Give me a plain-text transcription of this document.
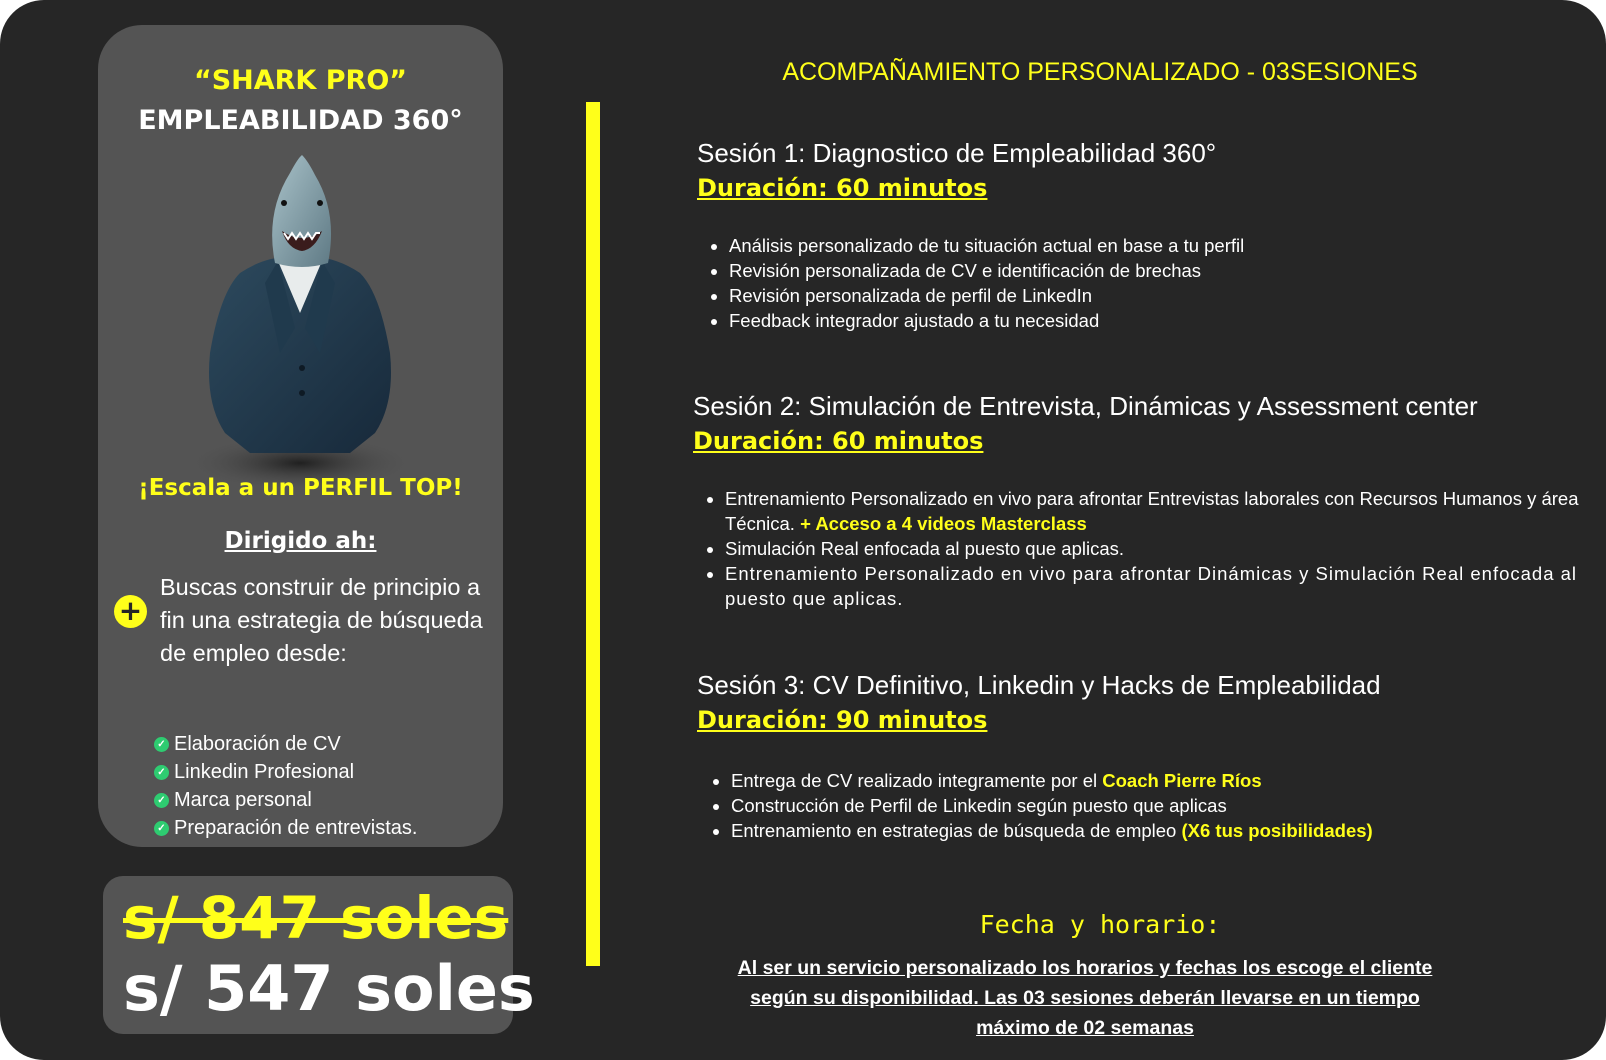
“SHARK PRO”
EMPLEABILIDAD 360°
¡Escala a un PERFIL TOP!
Dirigido ah:
+
Buscas construir de principio a fin una estrategia de búsqueda de empleo desde:
✓ Elaboración de CV
✓ Linkedin Profesional
✓ Marca personal
✓ Preparación de entrevistas.
s/ 847 soles
s/ 547 soles
ACOMPAÑAMIENTO PERSONALIZADO - 03SESIONES
Sesión 1: Diagnostico de Empleabilidad 360°
Duración: 60 minutos
• Análisis personalizado de tu situación actual en base a tu perfil
• Revisión personalizada de CV e identificación de brechas
• Revisión personalizada de perfil de LinkedIn
• Feedback integrador ajustado a tu necesidad
Sesión 2: Simulación de Entrevista, Dinámicas y Assessment center
Duración: 60 minutos
• Entrenamiento Personalizado en vivo para afrontar Entrevistas laborales con Recursos Humanos y área Técnica. + Acceso a 4 videos Masterclass
• Simulación Real enfocada al puesto que aplicas.
• Entrenamiento Personalizado en vivo para afrontar Dinámicas y Simulación Real enfocada al puesto que aplicas.
Sesión 3: CV Definitivo, Linkedin y Hacks de Empleabilidad
Duración: 90 minutos
• Entrega de CV realizado integramente por el Coach Pierre Ríos
• Construcción de Perfil de Linkedin según puesto que aplicas
• Entrenamiento en estrategias de búsqueda de empleo (X6 tus posibilidades)
Fecha y horario:
Al ser un servicio personalizado los horarios y fechas los escoge el cliente según su disponibilidad. Las 03 sesiones deberán llevarse en un tiempo máximo de 02 semanas
